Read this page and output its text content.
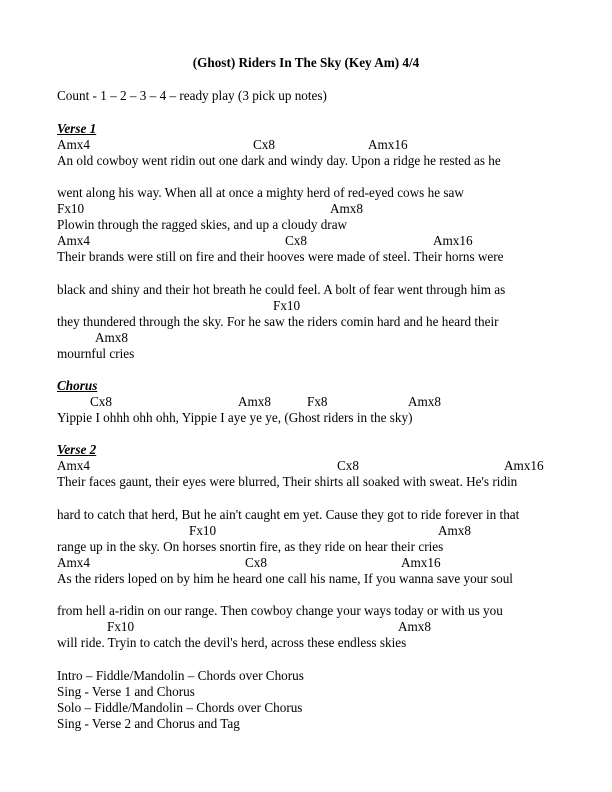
(Ghost) Riders In The Sky (Key Am) 4/4
Count - 1 – 2 – 3 – 4 – ready play (3 pick up notes)
Verse 1
Amx4	Cx8	Amx16
An old cowboy went ridin out one dark and windy day. Upon a ridge he rested as he
went along his way. When all at once a mighty herd of red-eyed cows he saw
Fx10	Amx8
Plowin through the ragged skies, and up a cloudy draw
Amx4	Cx8	Amx16
Their brands were still on fire and their hooves were made of steel. Their horns were
black and shiny and their hot breath he could feel. A bolt of fear went through him as
Fx10
they thundered through the sky. For he saw the riders comin hard and he heard their
Amx8
mournful cries
Chorus
Cx8	Amx8	Fx8	Amx8
Yippie I ohhh ohh ohh, Yippie I aye ye ye, (Ghost riders in the sky)
Verse 2
Amx4	Cx8	Amx16
Their faces gaunt, their eyes were blurred, Their shirts all soaked with sweat. He's ridin
hard to catch that herd, But he ain't caught em yet. Cause they got to ride forever in that
Fx10	Amx8
range up in the sky. On horses snortin fire, as they ride on hear their cries
Amx4	Cx8	Amx16
As the riders loped on by him he heard one call his name, If you wanna save your soul
from hell a-ridin on our range. Then cowboy change your ways today or with us you
Fx10	Amx8
will ride. Tryin to catch the devil's herd, across these endless skies
Intro – Fiddle/Mandolin – Chords over Chorus
Sing - Verse 1 and Chorus
Solo – Fiddle/Mandolin – Chords over Chorus
Sing - Verse 2 and Chorus and Tag
